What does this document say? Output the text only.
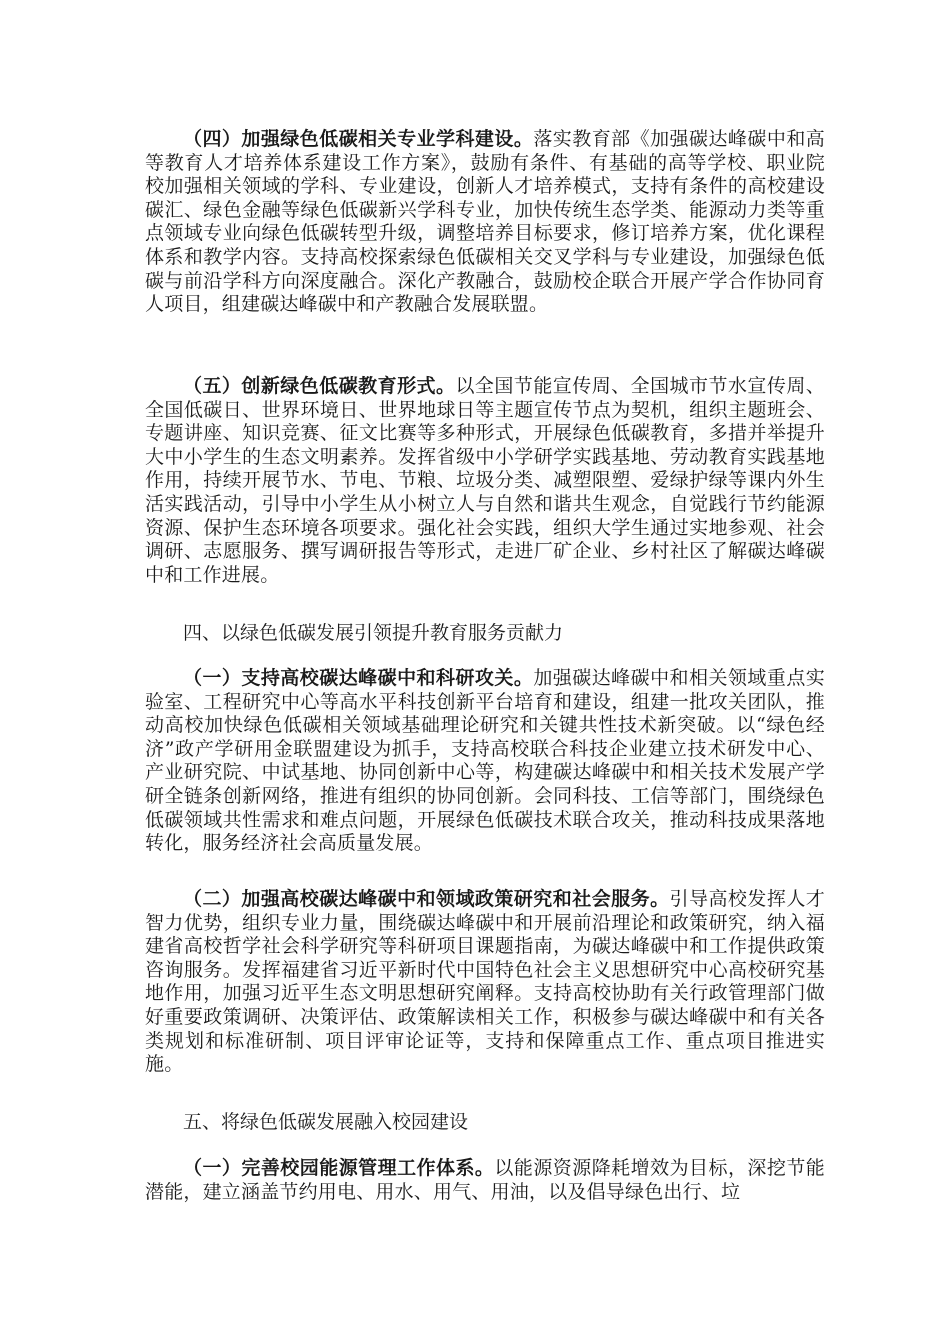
（四）加强绿色低碳相关专业学科建设。落实教育部《加强碳达峰碳中和高等教育人才培养体系建设工作方案》，鼓励有条件、有基础的高等学校、职业院校加强相关领域的学科、专业建设，创新人才培养模式，支持有条件的高校建设碳汇、绿色金融等绿色低碳新兴学科专业，加快传统生态学类、能源动力类等重点领域专业向绿色低碳转型升级，调整培养目标要求，修订培养方案，优化课程体系和教学内容。支持高校探索绿色低碳相关交叉学科与专业建设，加强绿色低碳与前沿学科方向深度融合。深化产教融合，鼓励校企联合开展产学合作协同育人项目，组建碳达峰碳中和产教融合发展联盟。

（五）创新绿色低碳教育形式。以全国节能宣传周、全国城市节水宣传周、全国低碳日、世界环境日、世界地球日等主题宣传节点为契机，组织主题班会、专题讲座、知识竞赛、征文比赛等多种形式，开展绿色低碳教育，多措并举提升大中小学生的生态文明素养。发挥省级中小学研学实践基地、劳动教育实践基地作用，持续开展节水、节电、节粮、垃圾分类、减塑限塑、爱绿护绿等课内外生活实践活动，引导中小学生从小树立人与自然和谐共生观念，自觉践行节约能源资源、保护生态环境各项要求。强化社会实践，组织大学生通过实地参观、社会调研、志愿服务、撰写调研报告等形式，走进厂矿企业、乡村社区了解碳达峰碳中和工作进展。

四、以绿色低碳发展引领提升教育服务贡献力

（一）支持高校碳达峰碳中和科研攻关。加强碳达峰碳中和相关领域重点实验室、工程研究中心等高水平科技创新平台培育和建设，组建一批攻关团队，推动高校加快绿色低碳相关领域基础理论研究和关键共性技术新突破。以“绿色经济”政产学研用金联盟建设为抓手，支持高校联合科技企业建立技术研发中心、产业研究院、中试基地、协同创新中心等，构建碳达峰碳中和相关技术发展产学研全链条创新网络，推进有组织的协同创新。会同科技、工信等部门，围绕绿色低碳领域共性需求和难点问题，开展绿色低碳技术联合攻关，推动科技成果落地转化，服务经济社会高质量发展。

（二）加强高校碳达峰碳中和领域政策研究和社会服务。引导高校发挥人才智力优势，组织专业力量，围绕碳达峰碳中和开展前沿理论和政策研究，纳入福建省高校哲学社会科学研究等科研项目课题指南，为碳达峰碳中和工作提供政策咨询服务。发挥福建省习近平新时代中国特色社会主义思想研究中心高校研究基地作用，加强习近平生态文明思想研究阐释。支持高校协助有关行政管理部门做好重要政策调研、决策评估、政策解读相关工作，积极参与碳达峰碳中和有关各类规划和标准研制、项目评审论证等，支持和保障重点工作、重点项目推进实施。

五、将绿色低碳发展融入校园建设

（一）完善校园能源管理工作体系。以能源资源降耗增效为目标，深挖节能潜能，建立涵盖节约用电、用水、用气、用油，以及倡导绿色出行、垃
